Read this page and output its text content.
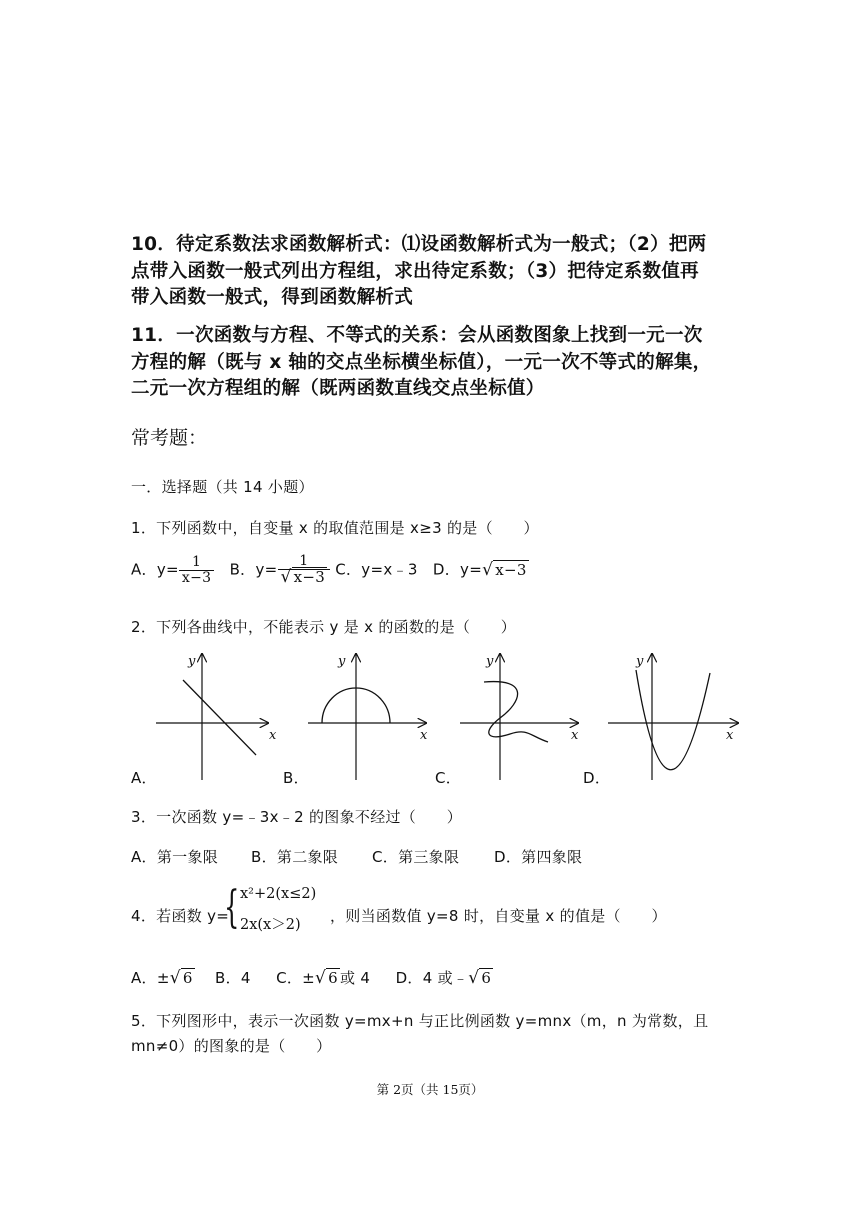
10．待定系数法求函数解析式：⑴设函数解析式为一般式；（2）把两
点带入函数一般式列出方程组，求出待定系数；（3）把待定系数值再
带入函数一般式，得到函数解析式
11．一次函数与方程、不等式的关系：会从函数图象上找到一元一次
方程的解（既与 x 轴的交点坐标横坐标值），一元一次不等式的解集，
二元一次方程组的解（既两函数直线交点坐标值）
常考题：
一．选择题（共 14 小题）
1．下列函数中，自变量 x 的取值范围是 x≥3 的是（　　）
A．$y= \frac{1}{x-3}$ B．$y= \frac{1}{√ x-3}$ C．y=x﹣3 D．y=√ x−3
2．下列各曲线中，不能表示 y 是 x 的函数的是（　　）
y
x
y
x
y
x
y
x
A．	B．	C．	D．
3．一次函数 y=﹣3x﹣2 的图象不经过（　　）
A．第一象限 B．第二象限 C．第三象限 D．第四象限
4．若函数 y=
{ x²+2(x≤2)
2x(x＞2) ，则当函数值 y=8 时，自变量 x 的值是（　　）
A．±√ 6 B．4 C．±√ 6 或 4 D．4 或﹣√ 6
5．下列图形中，表示一次函数 y=mx+n 与正比例函数 y=mnx（m，n 为常数，且
mn≠0）的图象的是（　　）
第 2页（共 15页）
